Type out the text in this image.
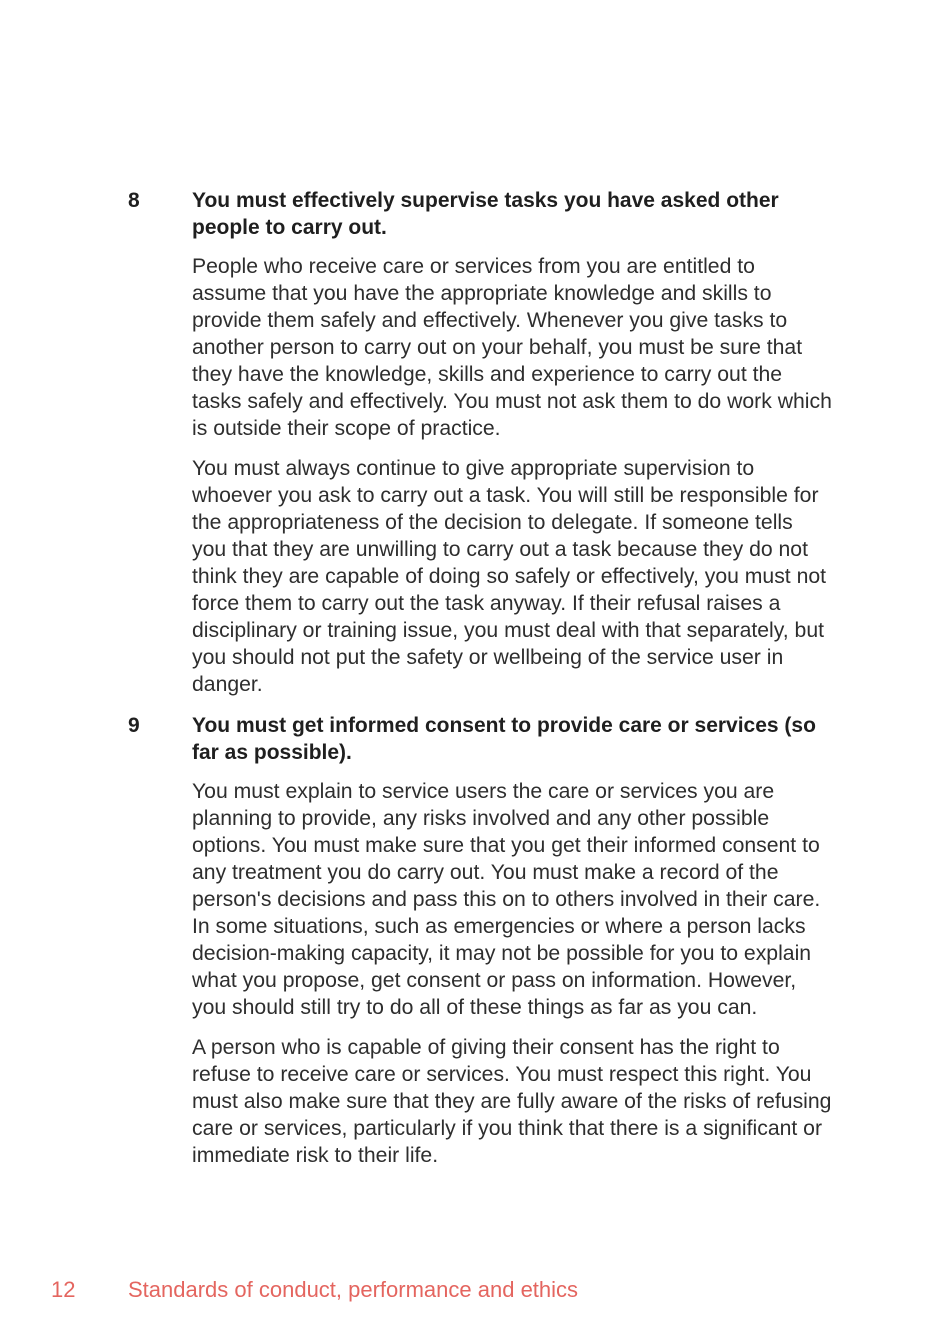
8 You must effectively supervise tasks you have asked other people to carry out.

People who receive care or services from you are entitled to assume that you have the appropriate knowledge and skills to provide them safely and effectively. Whenever you give tasks to another person to carry out on your behalf, you must be sure that they have the knowledge, skills and experience to carry out the tasks safely and effectively. You must not ask them to do work which is outside their scope of practice.

You must always continue to give appropriate supervision to whoever you ask to carry out a task. You will still be responsible for the appropriateness of the decision to delegate. If someone tells you that they are unwilling to carry out a task because they do not think they are capable of doing so safely or effectively, you must not force them to carry out the task anyway. If their refusal raises a disciplinary or training issue, you must deal with that separately, but you should not put the safety or wellbeing of the service user in danger.

9 You must get informed consent to provide care or services (so far as possible).

You must explain to service users the care or services you are planning to provide, any risks involved and any other possible options. You must make sure that you get their informed consent to any treatment you do carry out. You must make a record of the person's decisions and pass this on to others involved in their care. In some situations, such as emergencies or where a person lacks decision-making capacity, it may not be possible for you to explain what you propose, get consent or pass on information. However, you should still try to do all of these things as far as you can.

A person who is capable of giving their consent has the right to refuse to receive care or services. You must respect this right. You must also make sure that they are fully aware of the risks of refusing care or services, particularly if you think that there is a significant or immediate risk to their life.

12 Standards of conduct, performance and ethics
